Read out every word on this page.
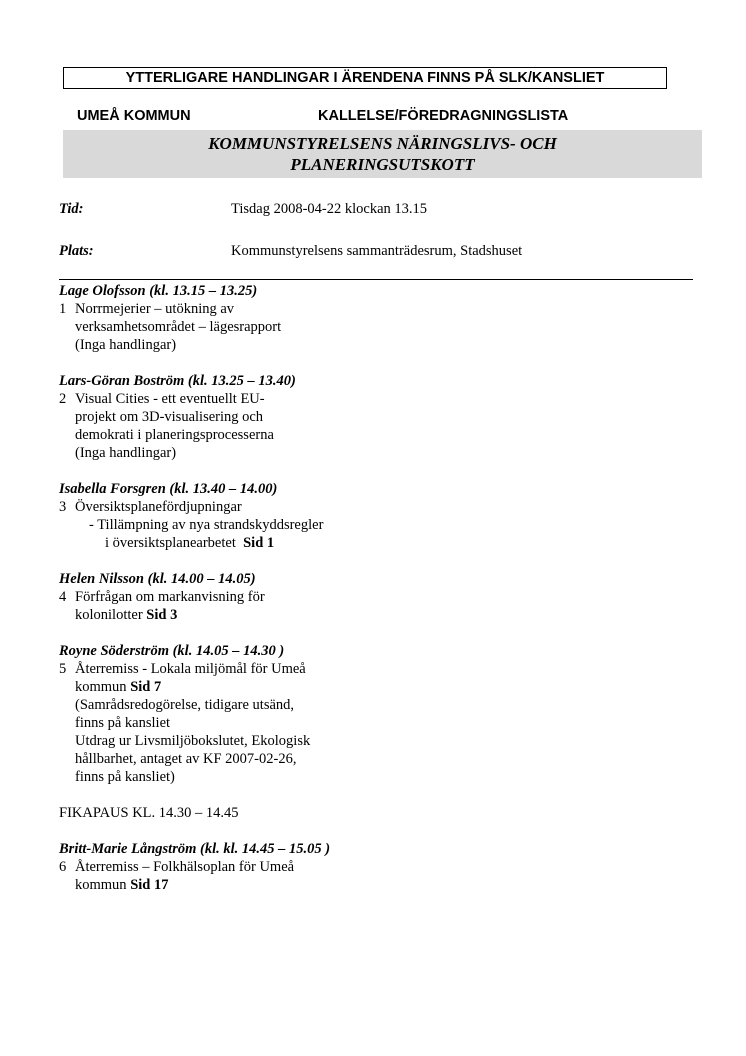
YTTERLIGARE HANDLINGAR I ÄRENDENA FINNS PÅ SLK/KANSLIET
UMEÅ KOMMUN	KALLELSE/FÖREDRAGNINGSLISTA
KOMMUNSTYRELSENS NÄRINGSLIVS- OCH
PLANERINGSUTSKOTT
Tid:	Tisdag 2008-04-22 klockan 13.15
Plats:	Kommunstyrelsens sammanträdesrum, Stadshuset
Lage Olofsson (kl. 13.15 – 13.25)
1 Norrmejerier – utökning av
verksamhetsområdet – lägesrapport
(Inga handlingar)
Lars-Göran Boström (kl. 13.25 – 13.40)
2 Visual Cities - ett eventuellt EU-
projekt om 3D-visualisering och
demokrati i planeringsprocesserna
(Inga handlingar)
Isabella Forsgren (kl. 13.40 – 14.00)
3 Översiktsplanefördjupningar
- Tillämpning av nya strandskyddsregler
i översiktsplanearbetet Sid 1
Helen Nilsson (kl. 14.00 – 14.05)
4 Förfrågan om markanvisning för
kolonilotter Sid 3
Royne Söderström (kl. 14.05 – 14.30 )
5 Återremiss - Lokala miljömål för Umeå
kommun Sid 7
(Samrådsredogörelse, tidigare utsänd,
finns på kansliet
Utdrag ur Livsmiljöbokslutet, Ekologisk
hållbarhet, antaget av KF 2007-02-26,
finns på kansliet)
FIKAPAUS KL. 14.30 – 14.45
Britt-Marie Långström (kl. kl. 14.45 – 15.05 )
6 Återremiss – Folkhälsoplan för Umeå
kommun Sid 17
